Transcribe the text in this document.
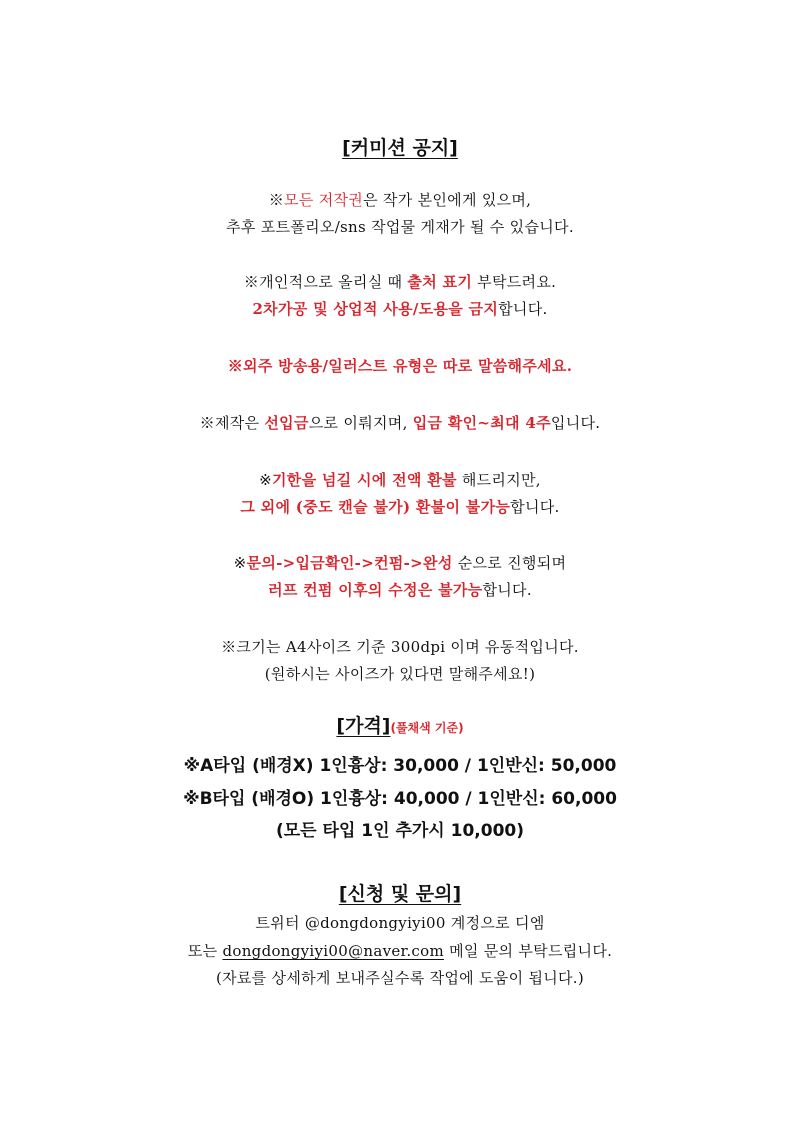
[커미션 공지]
※모든 저작권은 작가 본인에게 있으며,
추후 포트폴리오/sns 작업물 게재가 될 수 있습니다.
※개인적으로 올리실 때 출처 표기 부탁드려요.
2차가공 및 상업적 사용/도용을 금지합니다.
※외주 방송용/일러스트 유형은 따로 말씀해주세요.
※제작은 선입금으로 이뤄지며, 입금 확인~최대 4주입니다.
※기한을 넘길 시에 전액 환불 해드리지만,
그 외에 (중도 캔슬 불가) 환불이 불가능합니다.
※문의->입금확인->컨펌->완성 순으로 진행되며
러프 컨펌 이후의 수정은 불가능합니다.
※크기는 A4사이즈 기준 300dpi 이며 유동적입니다.
(원하시는 사이즈가 있다면 말해주세요!)
[가격](풀채색 기준)
※A타입 (배경X) 1인흉상: 30,000 / 1인반신: 50,000
※B타입 (배경O) 1인흉상: 40,000 / 1인반신: 60,000
(모든 타입 1인 추가시 10,000)
[신청 및 문의]
트위터 @dongdongyiyi00 계정으로 디엠
또는 dongdongyiyi00@naver.com 메일 문의 부탁드립니다.
(자료를 상세하게 보내주실수록 작업에 도움이 됩니다.)
